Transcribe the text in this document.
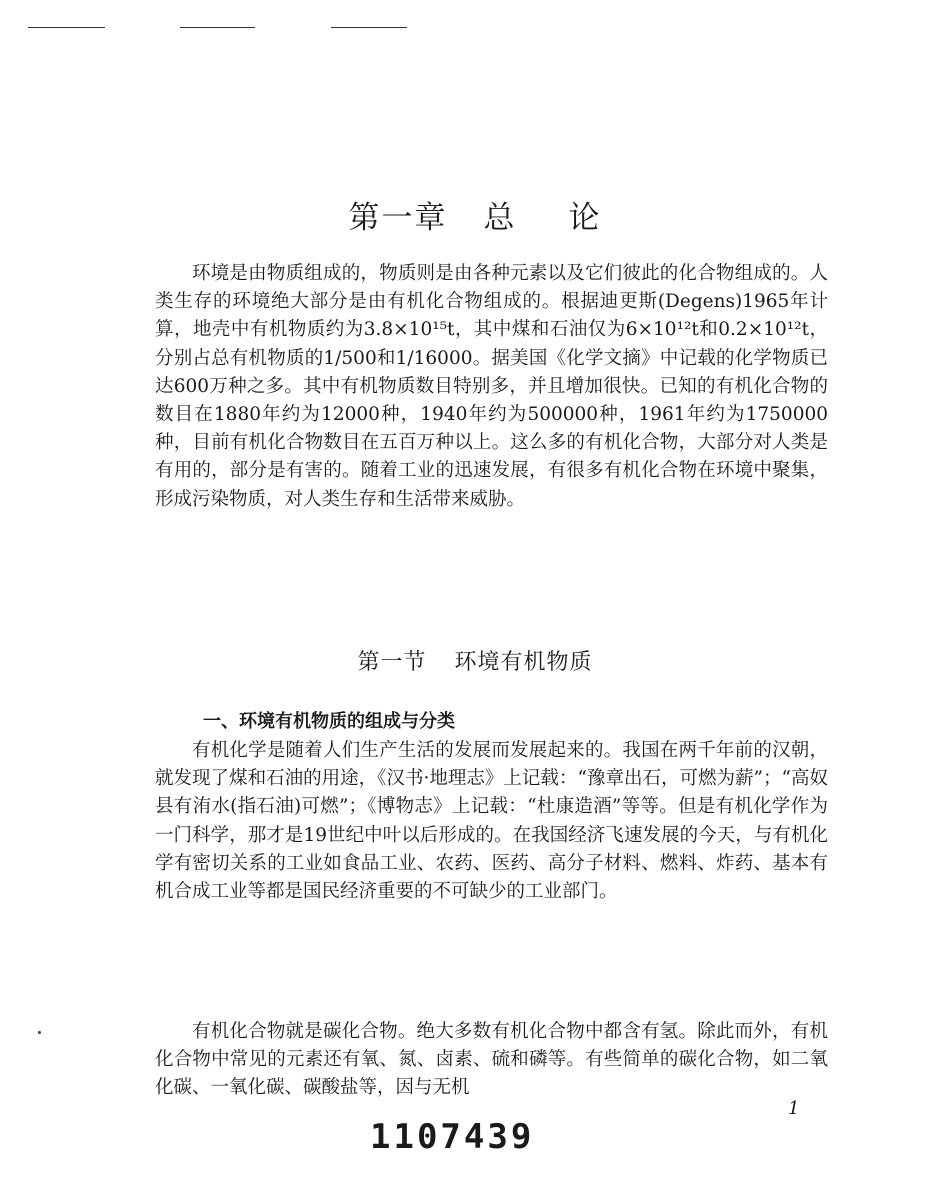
第一章 总 论

环境是由物质组成的，物质则是由各种元素以及它们彼此的化合物组成的。人类生存的环境绝大部分是由有机化合物组成的。根据迪更斯(Degens)1965年计算，地壳中有机物质约为3.8×10¹⁵t，其中煤和石油仅为6×10¹²t和0.2×10¹²t，分别占总有机物质的1/500和1/16000。据美国《化学文摘》中记载的化学物质已达600万种之多。其中有机物质数目特别多，并且增加很快。已知的有机化合物的数目在1880年约为12000种，1940年约为500000种，1961年约为1750000种，目前有机化合物数目在五百万种以上。这么多的有机化合物，大部分对人类是有用的，部分是有害的。随着工业的迅速发展，有很多有机化合物在环境中聚集，形成污染物质，对人类生存和生活带来威胁。

第一节 环境有机物质
一、环境有机物质的组成与分类

有机化学是随着人们生产生活的发展而发展起来的。我国在两千年前的汉朝，就发现了煤和石油的用途，《汉书·地理志》上记载：“豫章出石，可燃为薪”；“高奴县有洧水(指石油)可燃”；《博物志》上记载：“杜康造酒”等等。但是有机化学作为一门科学，那才是19世纪中叶以后形成的。在我国经济飞速发展的今天，与有机化学有密切关系的工业如食品工业、农药、医药、高分子材料、燃料、炸药、基本有机合成工业等都是国民经济重要的不可缺少的工业部门。

有机化合物就是碳化合物。绝大多数有机化合物中都含有氢。除此而外，有机化合物中常见的元素还有氧、氮、卤素、硫和磷等。有些简单的碳化合物，如二氧化碳、一氧化碳、碳酸盐等，因与无机

1
1107439
